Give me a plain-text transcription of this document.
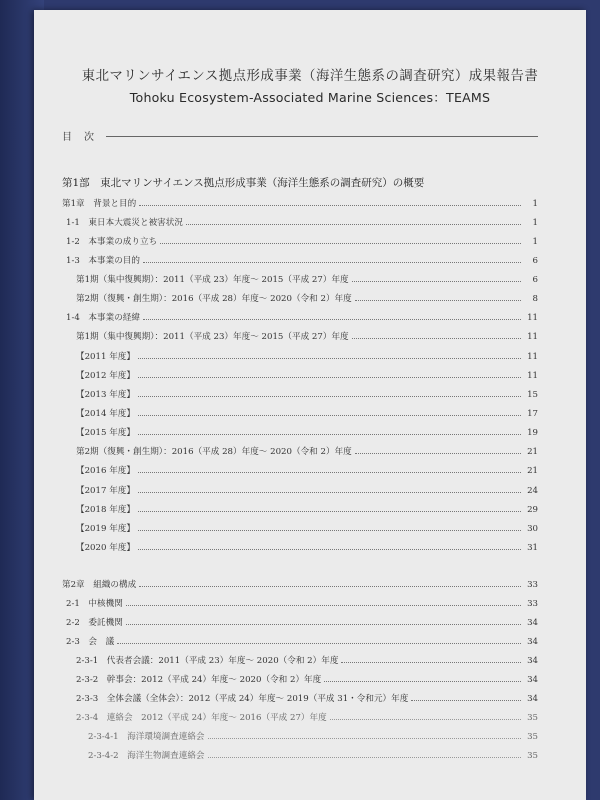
東北マリンサイエンス拠点形成事業（海洋生態系の調査研究）成果報告書
Tohoku Ecosystem-Associated Marine Sciences：TEAMS
目次
第1部　東北マリンサイエンス拠点形成事業（海洋生態系の調査研究）の概要
第1章　背景と目的	1
1-1　東日本大震災と被害状況	1
1-2　本事業の成り立ち	1
1-3　本事業の目的	6
第1期（集中復興期）：2011（平成 23）年度～ 2015（平成 27）年度	6
第2期（復興・創生期）：2016（平成 28）年度～ 2020（令和 2）年度	8
1-4　本事業の経緯	11
第1期（集中復興期）：2011（平成 23）年度～ 2015（平成 27）年度	11
【2011 年度】	11
【2012 年度】	11
【2013 年度】	15
【2014 年度】	17
【2015 年度】	19
第2期（復興・創生期）：2016（平成 28）年度～ 2020（令和 2）年度	21
【2016 年度】	21
【2017 年度】	24
【2018 年度】	29
【2019 年度】	30
【2020 年度】	31
第2章　組織の構成	33
2-1　中核機関	33
2-2　委託機関	34
2-3　会　議	34
2-3-1　代表者会議：2011（平成 23）年度～ 2020（令和 2）年度	34
2-3-2　幹事会：2012（平成 24）年度～ 2020（令和 2）年度	34
2-3-3　全体会議（全体会）：2012（平成 24）年度～ 2019（平成 31・令和元）年度	34
2-3-4　連絡会　2012（平成 24）年度～ 2016（平成 27）年度	35
2-3-4-1　海洋環境調査連絡会	35
2-3-4-2　海洋生物調査連絡会	35
